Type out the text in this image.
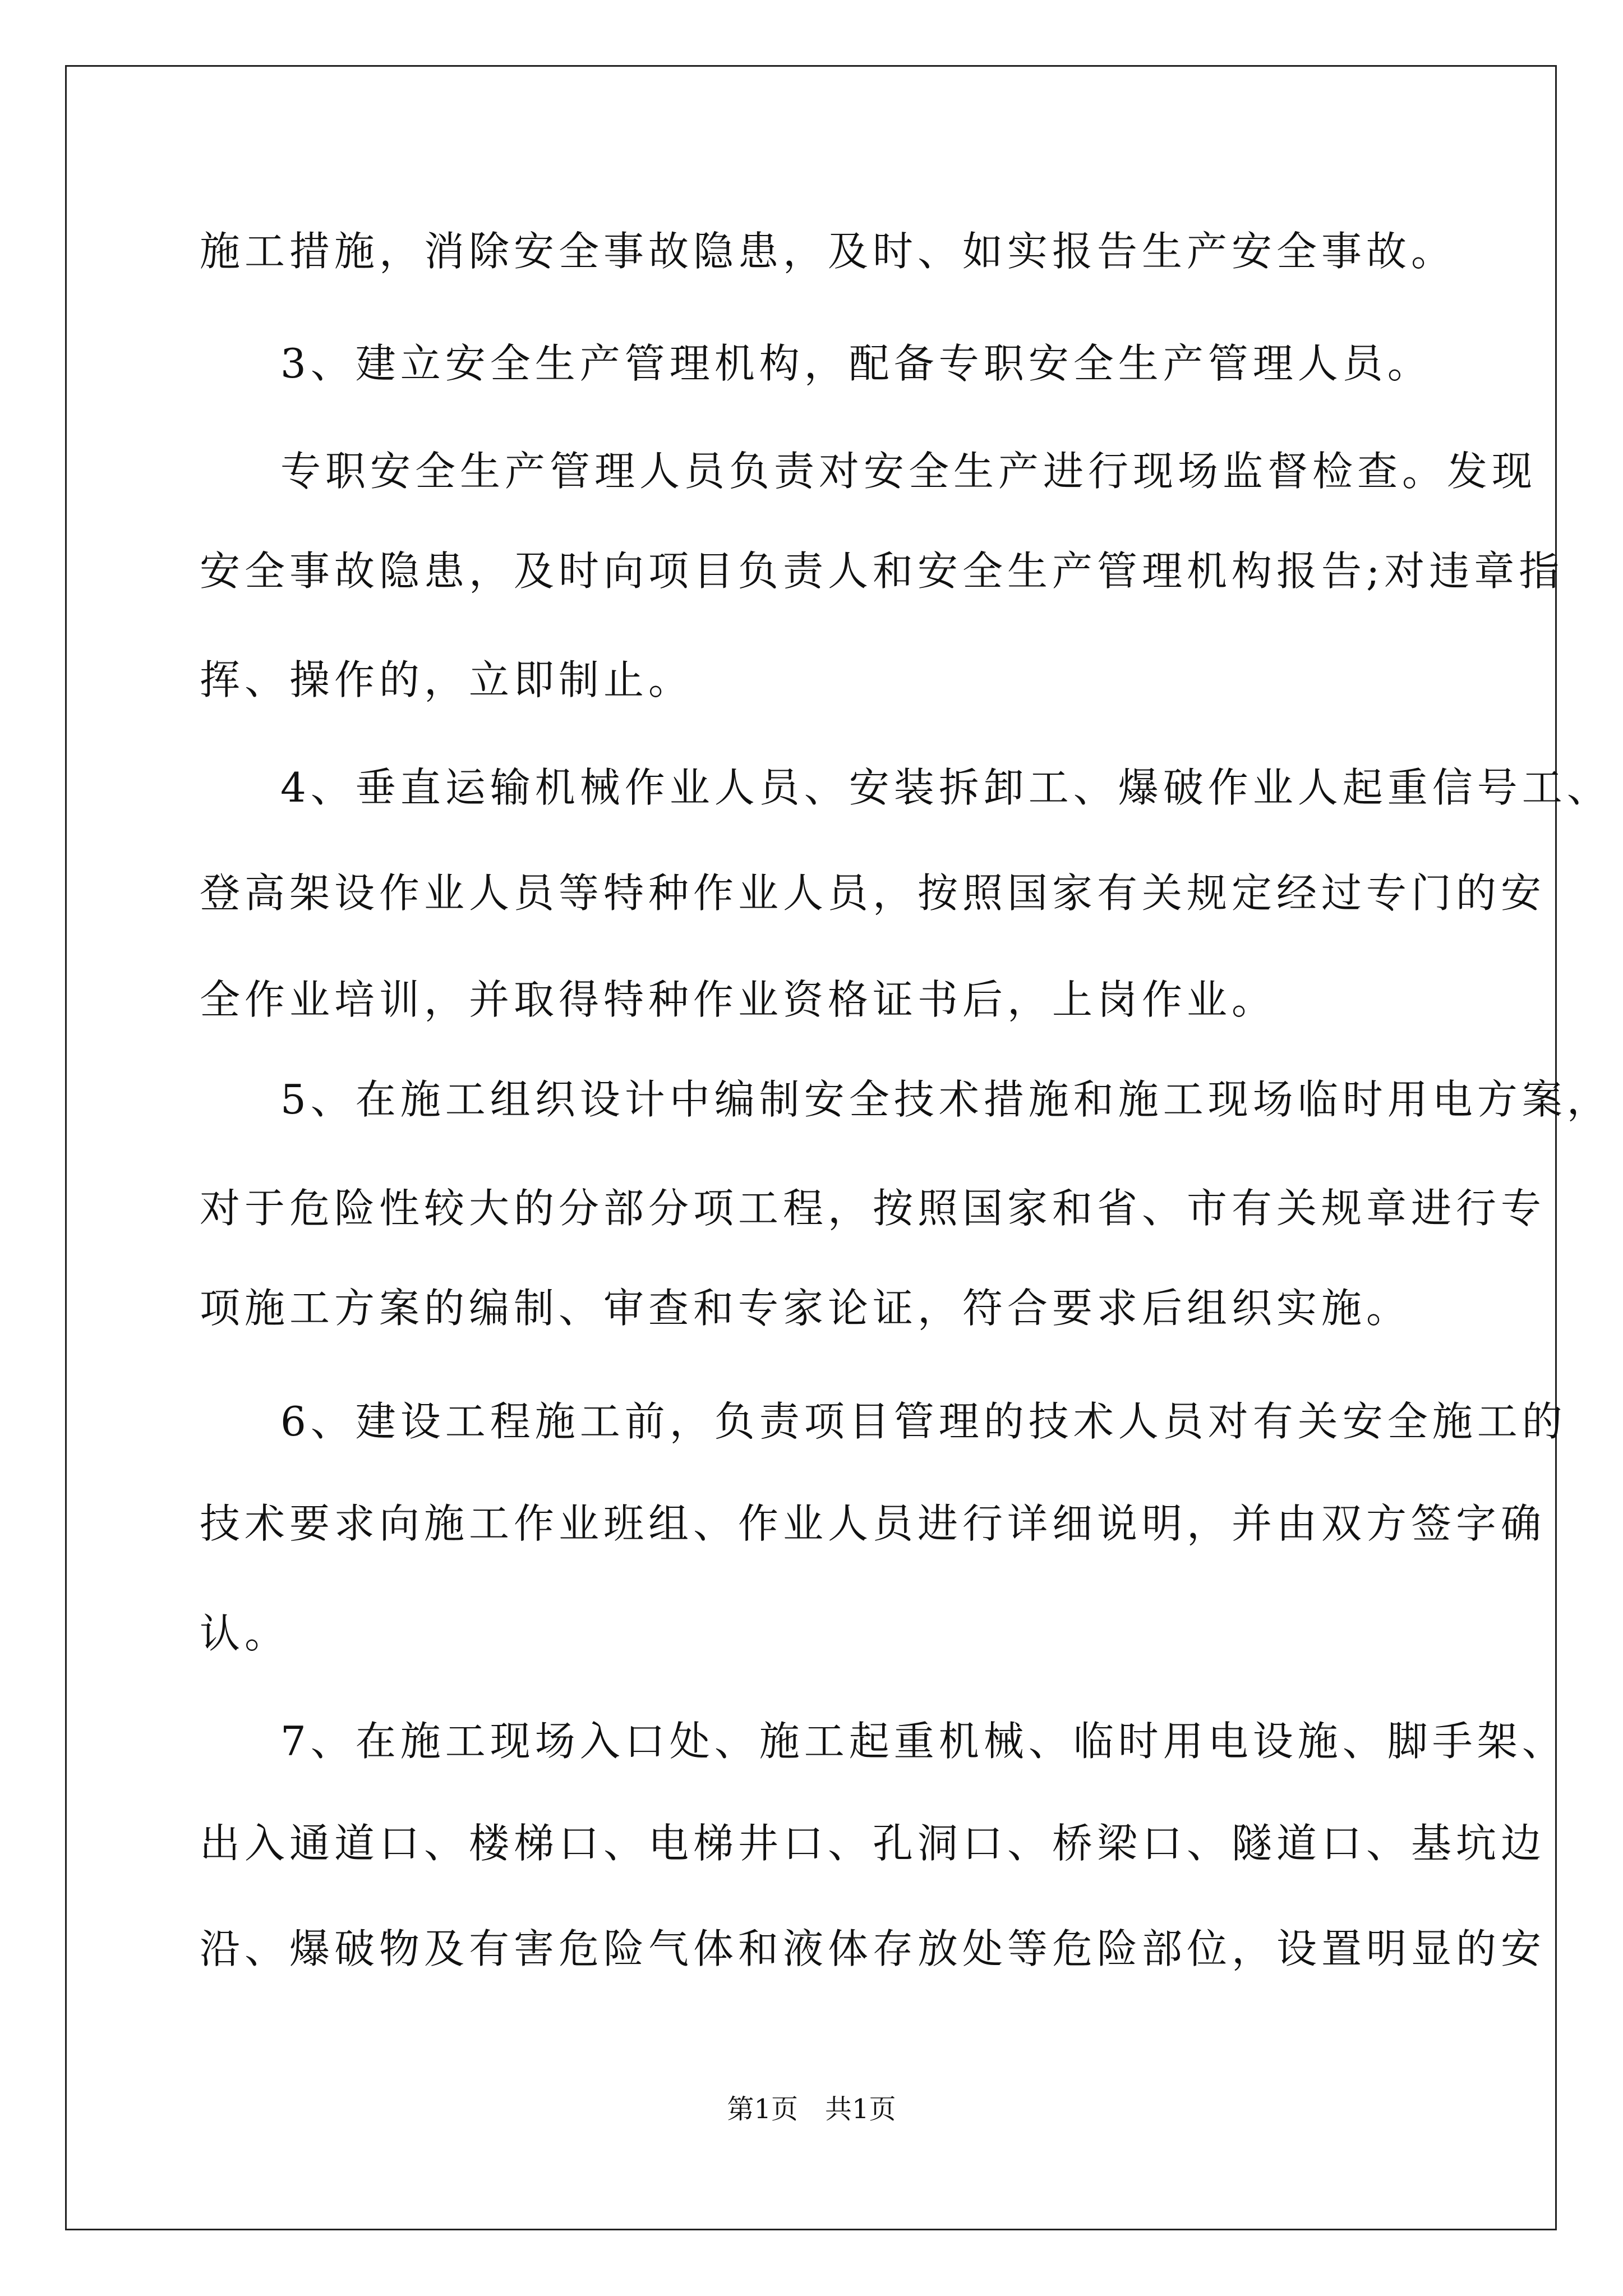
施工措施，消除安全事故隐患，及时、如实报告生产安全事故。
3、建立安全生产管理机构，配备专职安全生产管理人员。
专职安全生产管理人员负责对安全生产进行现场监督检查。发现
安全事故隐患，及时向项目负责人和安全生产管理机构报告;对违章指
挥、操作的，立即制止。
4、垂直运输机械作业人员、安装拆卸工、爆破作业人起重信号工、
登高架设作业人员等特种作业人员，按照国家有关规定经过专门的安
全作业培训，并取得特种作业资格证书后，上岗作业。
5、在施工组织设计中编制安全技术措施和施工现场临时用电方案，
对于危险性较大的分部分项工程，按照国家和省、市有关规章进行专
项施工方案的编制、审查和专家论证，符合要求后组织实施。
6、建设工程施工前，负责项目管理的技术人员对有关安全施工的
技术要求向施工作业班组、作业人员进行详细说明，并由双方签字确
认。
7、在施工现场入口处、施工起重机械、临时用电设施、脚手架、
出入通道口、楼梯口、电梯井口、孔洞口、桥梁口、隧道口、基坑边
沿、爆破物及有害危险气体和液体存放处等危险部位，设置明显的安
第1页　共1页
